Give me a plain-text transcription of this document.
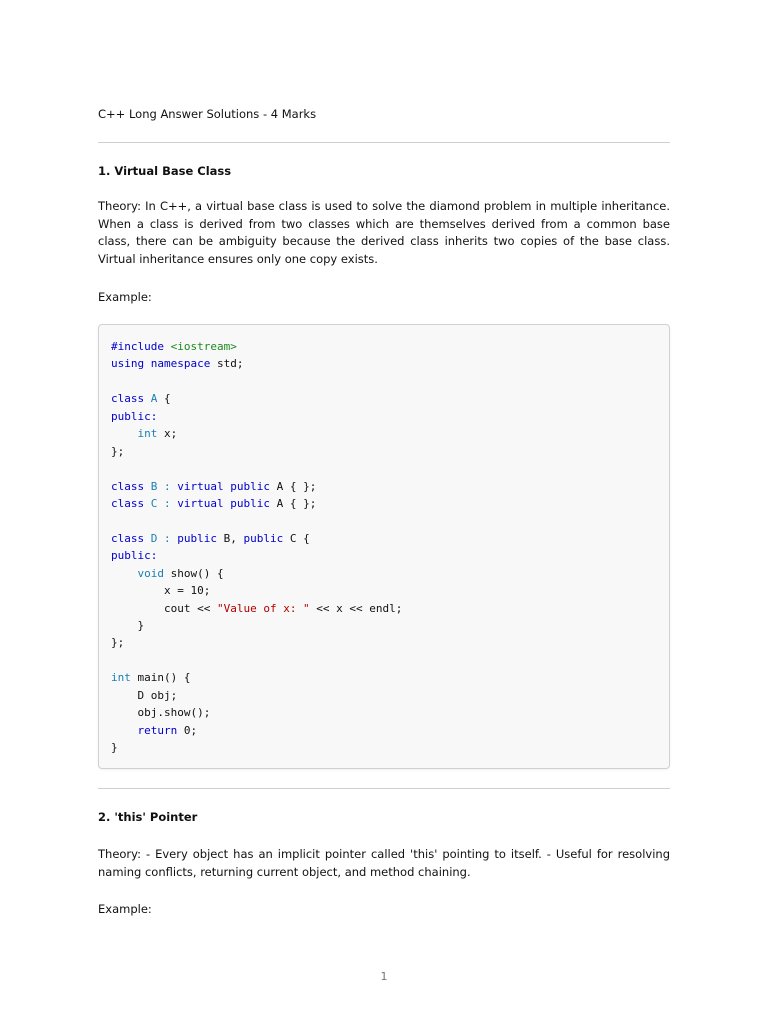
C++ Long Answer Solutions - 4 Marks
1. Virtual Base Class
Theory: In C++, a virtual base class is used to solve the diamond problem in multiple inheritance. When a class is derived from two classes which are themselves derived from a common base class, there can be ambiguity because the derived class inherits two copies of the base class. Virtual inheritance ensures only one copy exists.
Example:
#include <iostream>
using namespace std;
class A {
public:
int x;
};
class B : virtual public A { };
class C : virtual public A { };
class D : public B, public C {
public:
void show() {
x = 10;
cout << "Value of x: " << x << endl;
}
};
int main() {
D obj;
obj.show();
return 0;
}
2. 'this' Pointer
Theory: - Every object has an implicit pointer called 'this' pointing to itself. - Useful for resolving naming conflicts, returning current object, and method chaining.
Example:
1
